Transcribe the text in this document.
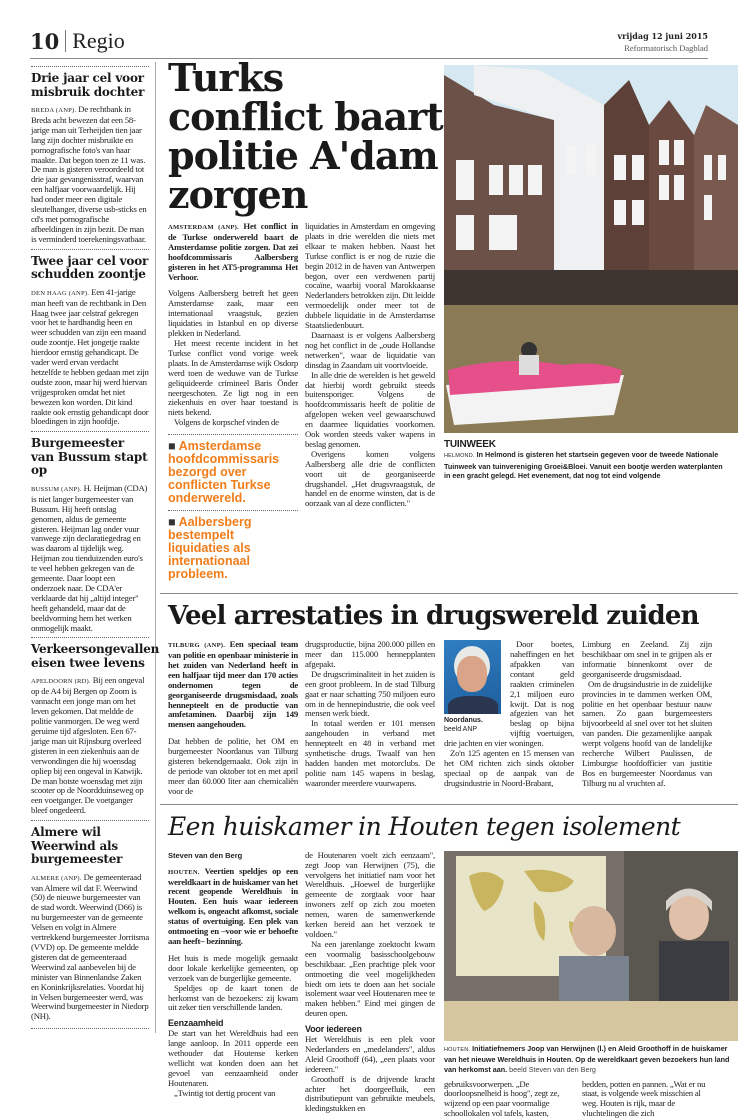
10 Regio	vrijdag 12 juni 2015
Reformatorisch Dagblad
Drie jaar cel voor misbruik dochter
BREDA (ANP). De rechtbank in Breda acht bewezen dat een 58-jarige man uit Terheijden tien jaar lang zijn dochter misbruikte en pornografische foto's van haar maakte. Dat begon toen ze 11 was. De man is gisteren veroordeeld tot drie jaar gevangenisstraf, waarvan een halfjaar voorwaardelijk. Hij had onder meer een digitale sleutelhanger, diverse usb-sticks en cd's met pornografische afbeeldingen in zijn bezit. De man is verminderd toerekeningsvatbaar.
Twee jaar cel voor schudden zoontje
DEN HAAG (ANP). Een 41-jarige man heeft van de rechtbank in Den Haag twee jaar celstraf gekregen voor het te hardhandig heen en weer schudden van zijn een maand oude zoontje. Het jongetje raakte hierdoor ernstig gehandicapt. De vader werd ervan verdacht hetzelfde te hebben gedaan met zijn oudste zoon, maar hij werd hiervan vrijgesproken omdat het niet bewezen kon worden. Dit kind raakte ook ernstig gehandicapt door bloedingen in zijn hoofdje.
Burgemeester van Bussum stapt op
BUSSUM (ANP). H. Heijman (CDA) is niet langer burgemeester van Bussum. Hij heeft ontslag genomen, aldus de gemeente gisteren. Heijman lag onder vuur vanwege zijn declaratiegedrag en was daarom al tijdelijk weg. Heijman zou tienduizenden euro's te veel hebben gekregen van de gemeente. Daar loopt een onderzoek naar. De CDA'er verklaarde dat hij „altijd integer" heeft gehandeld, maar dat de beeldvorming hem het werken onmogelijk maakt.
Verkeersongevallen eisen twee levens
APELDOORN (RD). Bij een ongeval op de A4 bij Bergen op Zoom is vannacht een jonge man om het leven gekomen. Dat meldde de politie vanmorgen. De weg werd geruime tijd afgesloten. Een 67-jarige man uit Rijnsburg overleed gisteren in een ziekenhuis aan de verwondingen die hij woensdag opliep bij een ongeval in Katwijk. De man botste woensdag met zijn scooter op de Noordduinseweg op een voetganger. De voetganger bleef ongedeerd.
Almere wil Weerwind als burgemeester
ALMERE (ANP). De gemeenteraad van Almere wil dat F. Weerwind (50) de nieuwe burgemeester van de stad wordt. Weerwind (D66) is nu burgemeester van de gemeente Velsen en volgt in Almere vertrekkend burgemeester Jorritsma (VVD) op. De gemeente meldde gisteren dat de gemeenteraad Weerwind zal aanbevelen bij de minister van Binnenlandse Zaken en Koninkrijksrelaties. Voordat hij in Velsen burgemeester werd, was Weerwind burgemeester in Niedorp (NH).
Turks conflict baart politie A'dam zorgen

AMSTERDAM (ANP). Het conflict in de Turkse onderwereld baart de Amsterdamse politie zorgen. Dat zei hoofdcommissaris Aalbersberg gisteren in het AT5-programma Het Verhoor.

Volgens Aalbersberg betreft het geen Amsterdamse zaak, maar een internationaal vraagstuk, gezien liquidaties in Istanbul en op diverse plekken in Nederland.

Het meest recente incident in het Turkse conflict vond vorige week plaats. In de Amsterdamse wijk Osdorp werd toen de weduwe van de Turkse geliquideerde crimineel Baris Önder neergeschoten. Ze ligt nog in een ziekenhuis en over haar toestand is niets bekend.

Volgens de korpschef vinden de

■ Amsterdamse hoofdcommissaris bezorgd over conflicten Turkse onderwereld.
■ Aalbersberg bestempelt liquidaties als internationaal probleem.

liquidaties in Amsterdam en omgeving plaats in drie werelden die niets met elkaar te maken hebben. Naast het Turkse conflict is er nog de ruzie die begin 2012 in de haven van Antwerpen begon, over een verdwenen partij cocaïne, waarbij vooral Marokkaanse Nederlanders betrokken zijn. Dit leidde vermoedelijk onder meer tot de dubbele liquidatie in de Amsterdamse Staatsliedenbuurt.

Daarnaast is er volgens Aalbersberg nog het conflict in de „oude Hollandse netwerken", waar de liquidatie van dinsdag in Zaandam uit voortvloeide.

In alle drie de werelden is het geweld dat hierbij wordt gebruikt steeds buitensporiger. Volgens de hoofdcommissaris heeft de politie de afgelopen weken veel gewaarschuwd en daarmee liquidaties voorkomen. Ook worden steeds vaker wapens in beslag genomen.

Overigens komen volgens Aalbersberg alle drie de conflicten voort uit de georganiseerde drugshandel. „Het drugsvraagstuk, de handel en de enorme winsten, dat is de oorzaak van al deze conflicten."

TUINWEEK
HELMOND. In Helmond is gisteren het startsein gegeven voor de tweede Nationale Tuinweek van tuinvereniging Groei&Bloei. Vanuit een bootje werden waterplanten in een gracht gelegd. Het evenement, dat nog tot eind volgende
Veel arrestaties in drugswereld zuiden

TILBURG (ANP). Een speciaal team van politie en openbaar ministerie in het zuiden van Nederland heeft in een halfjaar tijd meer dan 170 acties ondernomen tegen de georganiseerde drugsmisdaad, zoals hennepteelt en de productie van amfetaminen. Daarbij zijn 149 mensen aangehouden.

Dat hebben de politie, het OM en burgemeester Noordanus van Tilburg gisteren bekendgemaakt. Ook zijn in de periode van oktober tot en met april meer dan 60.000 liter aan chemicaliën voor de

drugsproductie, bijna 200.000 pillen en meer dan 115.000 hennepplanten afgepakt.

De drugscriminaliteit in het zuiden is een groot probleem. In de stad Tilburg gaat er naar schatting 750 miljoen euro om in de hennepindustrie, die ook veel mensen werk biedt.

In totaal werden er 101 mensen aangehouden in verband met hennepteelt en 48 in verband met synthetische drugs. Twaalf van hen hadden banden met motorclubs. De politie nam 145 wapens in beslag, waaronder meerdere vuurwapens.

Noordanus.
beeld ANP

Door boetes, naheffingen en het afpakken van contant geld raakten criminelen 2,1 miljoen euro kwijt. Dat is nog afgezien van het beslag op bijna vijftig voertuigen, drie jachten en vier woningen.

Zo'n 125 agenten en 15 mensen van het OM richten zich sinds oktober speciaal op de aanpak van de drugsindustrie in Noord-Brabant,

Limburg en Zeeland. Zij zijn beschikbaar om snel in te grijpen als er informatie binnenkomt over de georganiseerde drugsmisdaad.

Om de drugsindustrie in de zuidelijke provincies in te dammen werken OM, politie en het openbaar bestuur nauw samen. Zo gaan burgemeesters bijvoorbeeld al snel over tot het sluiten van panden. Die gezamenlijke aanpak werpt volgens hoofd van de landelijke recherche Wilbert Paulissen, de Limburgse hoofdofficier van justitie Bos en burgemeester Noordanus van Tilburg nu al vruchten af.

Een huiskamer in Houten tegen isolement
Steven van den Berg

HOUTEN. Veertien speldjes op een wereldkaart in de huiskamer van het recent geopende Wereldhuis in Houten. Een huis waar iedereen welkom is, ongeacht afkomst, sociale status of overtuiging. Een plek van ontmoeting en –voor wie er behoefte aan heeft– bezinning.

Het huis is mede mogelijk gemaakt door lokale kerkelijke gemeenten, op verzoek van de burgerlijke gemeente.

Speldjes op de kaart tonen de herkomst van de bezoekers: zij kwam uit zeker tien verschillende landen.

Eenzaamheid

De start van het Wereldhuis had een lange aanloop. In 2011 opperde een wethouder dat Houtense kerken wellicht wat konden doen aan het gevoel van eenzaamheid onder Houtenaren.

„Twintig tot dertig procent van

de Houtenaren voelt zich eenzaam", zegt Joop van Herwijnen (75), die vervolgens het initiatief nam voor het Wereldhuis. „Hoewel de burgerlijke gemeente de zorgtaak voor haar inwoners zelf op zich zou moeten nemen, waren de samenwerkende kerken bereid aan het verzoek te voldoen."

Na een jarenlange zoektocht kwam een voormalig basisschoolgebouw beschikbaar. „Een prachtige plek voor ontmoeting die veel mogelijkheden biedt om iets te doen aan het sociale isolement waar veel Houtenaren mee te maken hebben." Eind mei gingen de deuren open.

Voor iedereen

Het Wereldhuis is een plek voor Nederlanders en „medelanders", aldus Aleid Groothoff (64), „een plaats voor iedereen."

Groothoff is de drijvende kracht achter het doorgeefluik, een distributiepunt van gebruikte meubels, kledingstukken en

HOUTEN. Initiatiefnemers Joop van Herwijnen (l.) en Aleid Groothoff in de huiskamer van het nieuwe Wereldhuis in Houten. Op de wereldkaart geven bezoekers hun land van herkomst aan. beeld Steven van den Berg

gebruiksvoorwerpen. „De doorloopsnelheid is hoog", zegt ze, wijzend op een paar voormalige schoollokalen vol tafels, kasten,

bedden, potten en pannen. „Wat er nu staat, is volgende week misschien al weg. Houten is rijk, maar de vluchtelingen die zich
